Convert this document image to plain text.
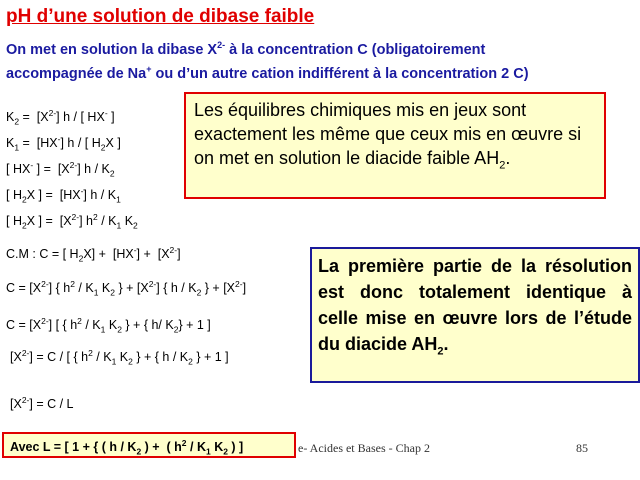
pH d’une solution de dibase faible
On met en solution la dibase $X^{2-}$ à la concentration C (obligatoirement
accompagnée de Na+ ou d’un autre cation indifférent à la concentration 2 C)
$K_2 = [X^{2-}]$ h / [ HX- ]
$K_1 = [HX^-]$ h / [ $H_2X$ ]
[ HX- ] =  $[X^{2-}]$ h / $K_2$
[ $H_2X$ ] =  [HX-] h / $K_1$
[ $H_2X$ ] =  $[X^{2-}]$ $h^2 / K_1$ $K_2$
C.M : C = [ $H_2X] + [HX^-] + [X^{2-}]$
$C = [X^{2-}]$ { $h^2 / K_1$ $K_2$ } + $[X^{2-}]$ { h / $K_2$ } + $[X^{2-}]$
$C = [X^{2-}]$ [ { $h^2 / K_1$ $K_2$ } + { h/ $K_2\} + 1$ ]
$[X^{2-}] = C$ / [ { $h^2 / K_1$ $K_2$ } + { h / $K_2$ } + 1 ]
$[X^{2-}] = C / L$
Les équilibres chimiques mis en jeux sont exactement les même que ceux mis en œuvre si on met en solution le diacide faible $AH_2$.
La première partie de la résolution est donc totalement identique à celle mise en œuvre lors de l’étude du diacide $AH_2$.
Avec L = [ 1 + { ( h / $K_2$ ) +  ( $h^2 / K_1$ $K_2$ ) ]	e- Acides et Bases - Chap 2	85
